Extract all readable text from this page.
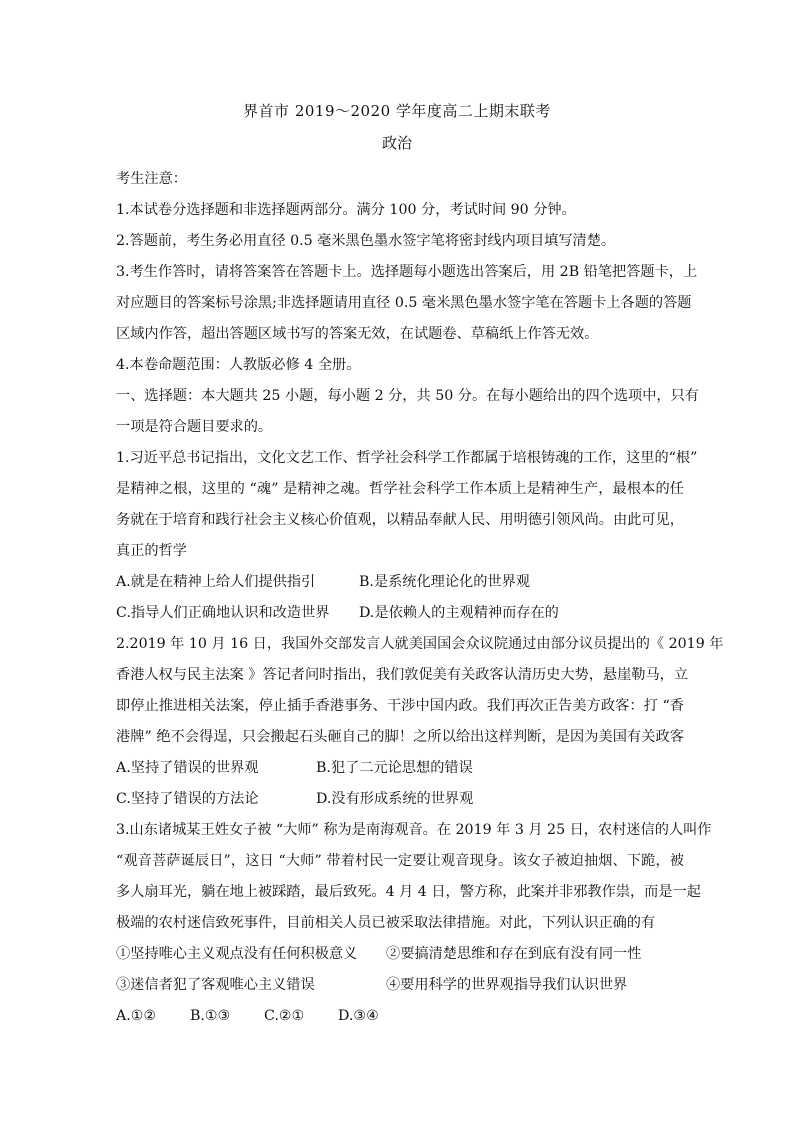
界首市 2019～2020 学年度高二上期末联考
政治
考生注意：
1.本试卷分选择题和非选择题两部分。满分 100 分，考试时间 90 分钟。
2.答题前，考生务必用直径 0.5 毫米黑色墨水签字笔将密封线内项目填写清楚。
3.考生作答时，请将答案答在答题卡上。选择题每小题选出答案后，用 2B 铅笔把答题卡，上
对应题目的答案标号涂黑;非选择题请用直径 0.5 毫米黑色墨水签字笔在答题卡上各题的答题
区域内作答，超出答题区域书写的答案无效，在试题卷、草稿纸上作答无效。
4.本卷命题范围：人教版必修 4 全册。
一、选择题：本大题共 25 小题，每小题 2 分，共 50 分。在每小题给出的四个选项中，只有
一项是符合题目要求的。
1.习近平总书记指出，文化文艺工作、哲学社会科学工作都属于培根铸魂的工作，这里的“根”
是精神之根，这里的 “魂” 是精神之魂。哲学社会科学工作本质上是精神生产，最根本的任
务就在于培育和践行社会主义核心价值观，以精品奉献人民、用明德引领风尚。由此可见，
真正的哲学
A.就是在精神上给人们提供指引	B.是系统化理论化的世界观
C.指导人们正确地认识和改造世界 D.是依赖人的主观精神而存在的
2.2019 年 10 月 16 日，我国外交部发言人就美国国会众议院通过由部分议员提出的《 2019 年
香港人权与民主法案 》答记者问时指出，我们敦促美有关政客认清历史大势，悬崖勒马，立
即停止推进相关法案，停止插手香港事务、干涉中国内政。我们再次正告美方政客：打 “香
港牌” 绝不会得逞，只会搬起石头砸自己的脚！之所以给出这样判断，是因为美国有关政客
A.坚持了错误的世界观	B.犯了二元论思想的错误
C.坚持了错误的方法论	D.没有形成系统的世界观
3.山东诸城某王姓女子被 “大师” 称为是南海观音。在 2019 年 3 月 25 日，农村迷信的人叫作
“观音菩萨诞辰日”，这日 “大师” 带着村民一定要让观音现身。该女子被迫抽烟、下跪，被
多人扇耳光，躺在地上被踩踏，最后致死。4 月 4 日，警方称，此案并非邪教作祟，而是一起
极端的农村迷信致死事件，目前相关人员已被采取法律措施。对此，下列认识正确的有
①坚持唯心主义观点没有任何积极意义 ②要搞清楚思维和存在到底有没有同一性
③迷信者犯了客观唯心主义错误	④要用科学的世界观指导我们认识世界
A.①② B.①③ C.②① D.③④
